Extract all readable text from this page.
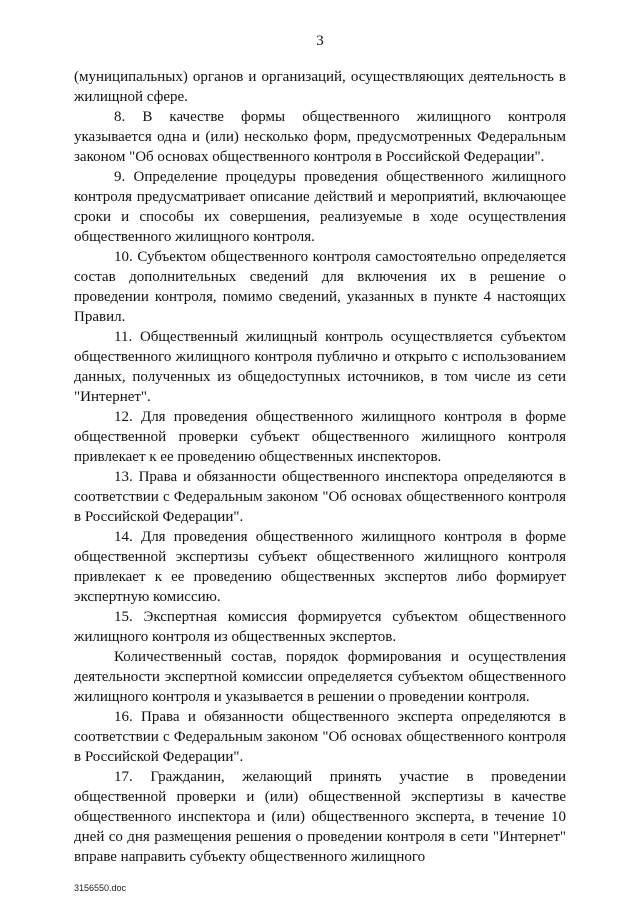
3

(муниципальных) органов и организаций, осуществляющих деятельность в жилищной сфере.

8. В качестве формы общественного жилищного контроля указывается одна и (или) несколько форм, предусмотренных Федеральным законом "Об основах общественного контроля в Российской Федерации".

9. Определение процедуры проведения общественного жилищного контроля предусматривает описание действий и мероприятий, включающее сроки и способы их совершения, реализуемые в ходе осуществления общественного жилищного контроля.

10. Субъектом общественного контроля самостоятельно определяется состав дополнительных сведений для включения их в решение о проведении контроля, помимо сведений, указанных в пункте 4 настоящих Правил.

11. Общественный жилищный контроль осуществляется субъектом общественного жилищного контроля публично и открыто с использованием данных, полученных из общедоступных источников, в том числе из сети "Интернет".

12. Для проведения общественного жилищного контроля в форме общественной проверки субъект общественного жилищного контроля привлекает к ее проведению общественных инспекторов.

13. Права и обязанности общественного инспектора определяются в соответствии с Федеральным законом "Об основах общественного контроля в Российской Федерации".

14. Для проведения общественного жилищного контроля в форме общественной экспертизы субъект общественного жилищного контроля привлекает к ее проведению общественных экспертов либо формирует экспертную комиссию.

15. Экспертная комиссия формируется субъектом общественного жилищного контроля из общественных экспертов.

Количественный состав, порядок формирования и осуществления деятельности экспертной комиссии определяется субъектом общественного жилищного контроля и указывается в решении о проведении контроля.

16. Права и обязанности общественного эксперта определяются в соответствии с Федеральным законом "Об основах общественного контроля в Российской Федерации".

17. Гражданин, желающий принять участие в проведении общественной проверки и (или) общественной экспертизы в качестве общественного инспектора и (или) общественного эксперта, в течение 10 дней со дня размещения решения о проведении контроля в сети "Интернет" вправе направить субъекту общественного жилищного

3156550.doc
